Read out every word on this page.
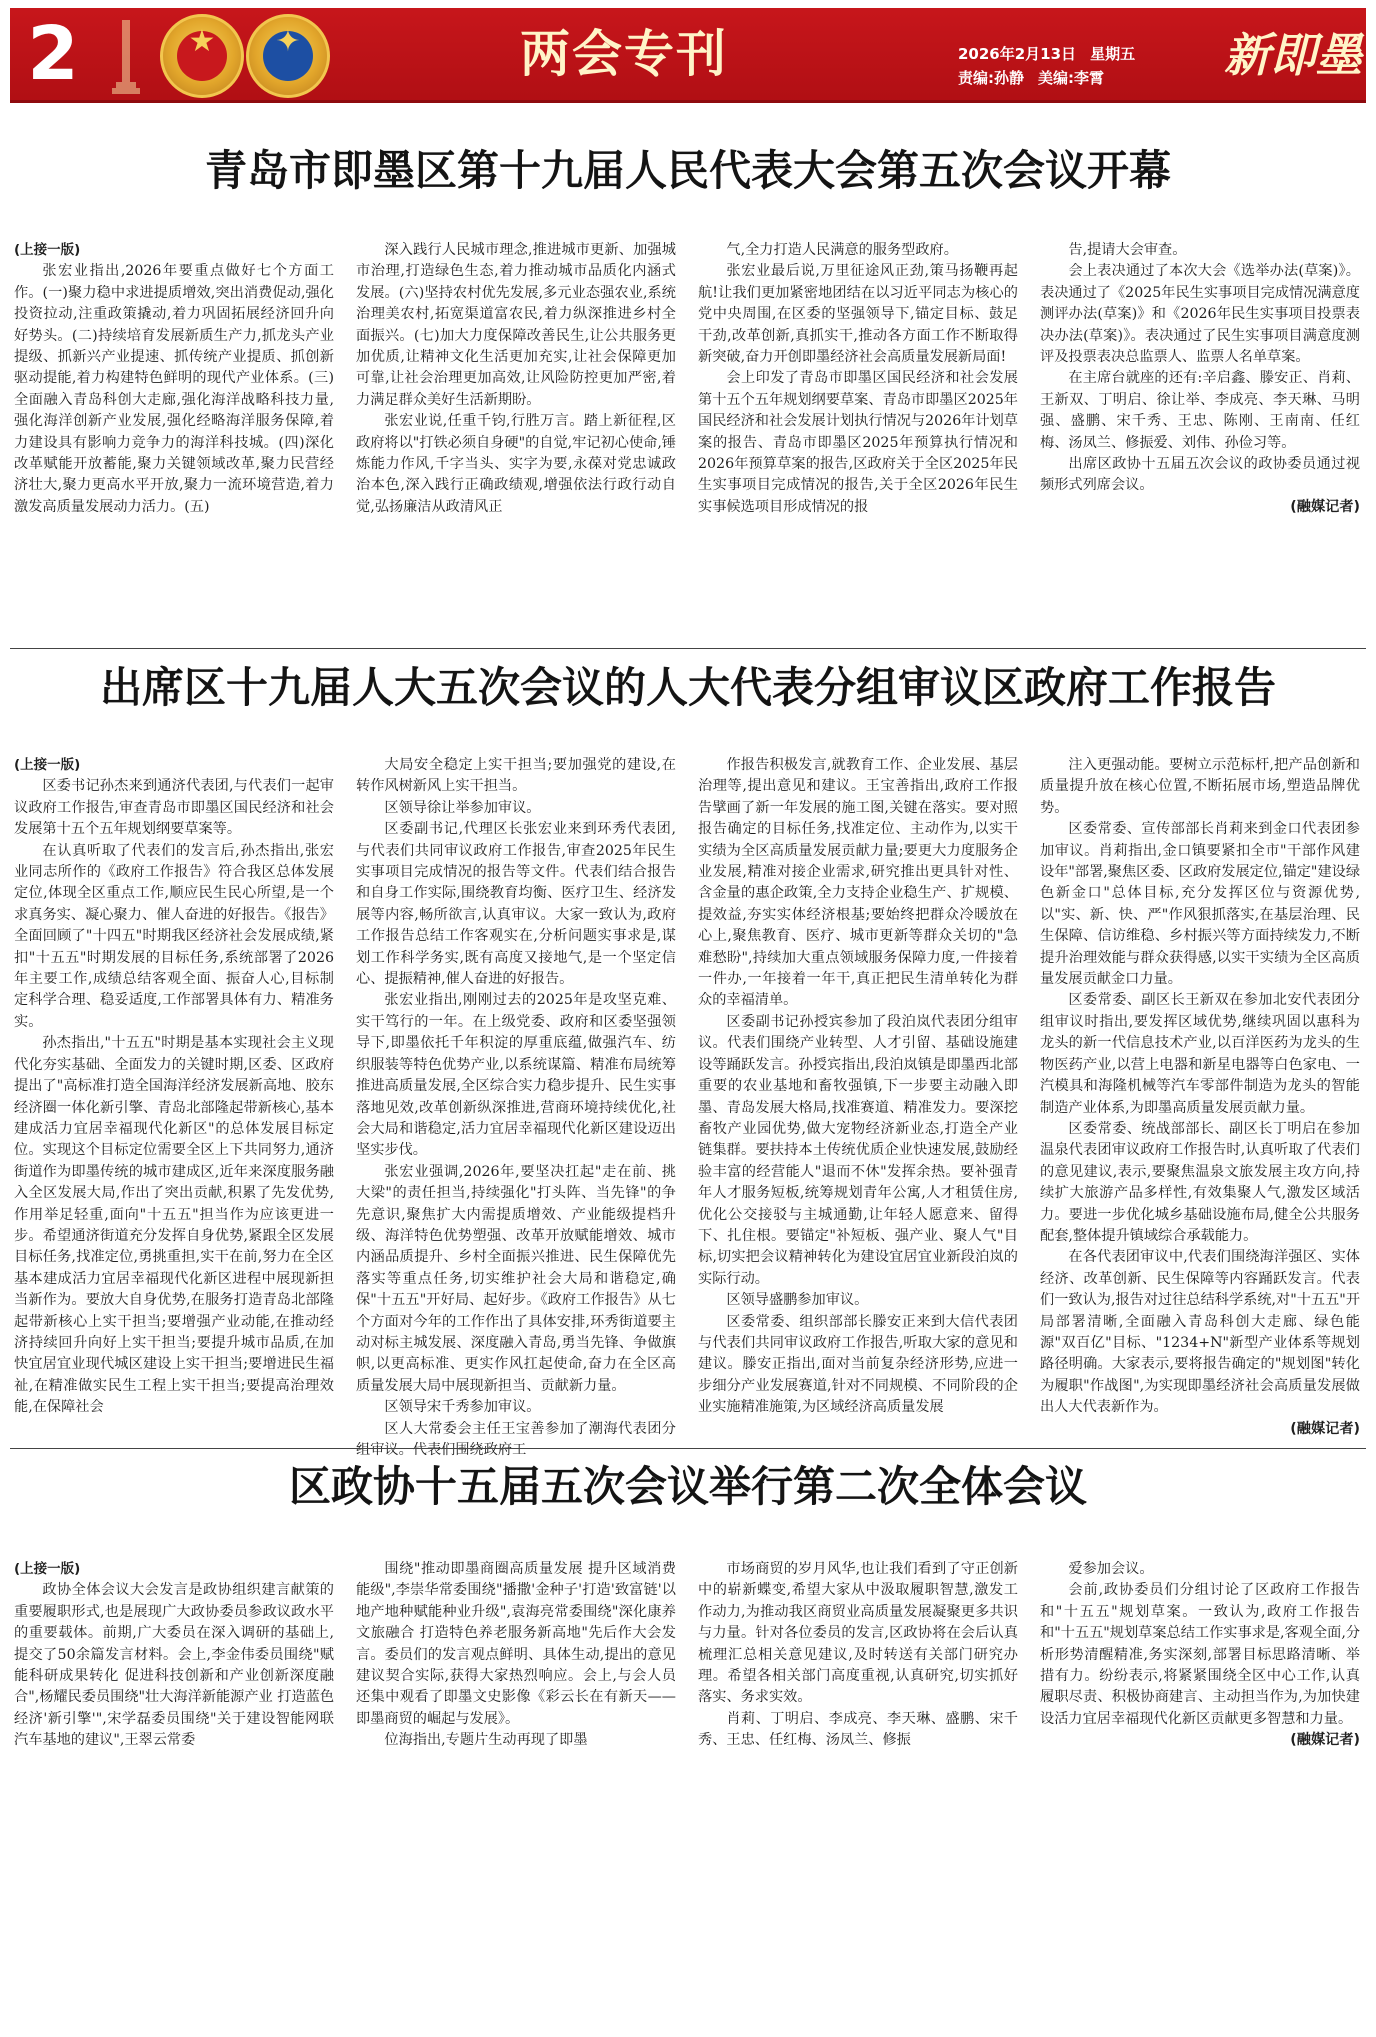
2	★	✦	两会专刊	2026年2月13日 星期五
责编:孙静 美编:李霄	新即墨
青岛市即墨区第十九届人民代表大会第五次会议开幕

(上接一版)

张宏业指出,2026年要重点做好七个方面工作。(一)聚力稳中求进提质增效,突出消费促动,强化投资拉动,注重政策撬动,着力巩固拓展经济回升向好势头。(二)持续培育发展新质生产力,抓龙头产业提级、抓新兴产业提速、抓传统产业提质、抓创新驱动提能,着力构建特色鲜明的现代产业体系。(三)全面融入青岛科创大走廊,强化海洋战略科技力量,强化海洋创新产业发展,强化经略海洋服务保障,着力建设具有影响力竞争力的海洋科技城。(四)深化改革赋能开放蓄能,聚力关键领域改革,聚力民营经济壮大,聚力更高水平开放,聚力一流环境营造,着力激发高质量发展动力活力。(五)

深入践行人民城市理念,推进城市更新、加强城市治理,打造绿色生态,着力推动城市品质化内涵式发展。(六)坚持农村优先发展,多元业态强农业,系统治理美农村,拓宽渠道富农民,着力纵深推进乡村全面振兴。(七)加大力度保障改善民生,让公共服务更加优质,让精神文化生活更加充实,让社会保障更加可靠,让社会治理更加高效,让风险防控更加严密,着力满足群众美好生活新期盼。

张宏业说,任重千钧,行胜万言。踏上新征程,区政府将以"打铁必须自身硬"的自觉,牢记初心使命,锤炼能力作风,千字当头、实字为要,永葆对党忠诚政治本色,深入践行正确政绩观,增强依法行政行动自觉,弘扬廉洁从政清风正

气,全力打造人民满意的服务型政府。

张宏业最后说,万里征途风正劲,策马扬鞭再起航!让我们更加紧密地团结在以习近平同志为核心的党中央周围,在区委的坚强领导下,锚定目标、鼓足干劲,改革创新,真抓实干,推动各方面工作不断取得新突破,奋力开创即墨经济社会高质量发展新局面!

会上印发了青岛市即墨区国民经济和社会发展第十五个五年规划纲要草案、青岛市即墨区2025年国民经济和社会发展计划执行情况与2026年计划草案的报告、青岛市即墨区2025年预算执行情况和2026年预算草案的报告,区政府关于全区2025年民生实事项目完成情况的报告,关于全区2026年民生实事候选项目形成情况的报

告,提请大会审查。

会上表决通过了本次大会《选举办法(草案)》。表决通过了《2025年民生实事项目完成情况满意度测评办法(草案)》和《2026年民生实事项目投票表决办法(草案)》。表决通过了民生实事项目满意度测评及投票表决总监票人、监票人名单草案。

在主席台就座的还有:辛启鑫、滕安正、肖莉、王新双、丁明启、徐让举、李成亮、李天琳、马明强、盛鹏、宋千秀、王忠、陈刚、王南南、任红梅、汤凤兰、修振爱、刘伟、孙俭习等。

出席区政协十五届五次会议的政协委员通过视频形式列席会议。

(融媒记者)

出席区十九届人大五次会议的人大代表分组审议区政府工作报告

(上接一版)

区委书记孙杰来到通济代表团,与代表们一起审议政府工作报告,审查青岛市即墨区国民经济和社会发展第十五个五年规划纲要草案等。

在认真听取了代表们的发言后,孙杰指出,张宏业同志所作的《政府工作报告》符合我区总体发展定位,体现全区重点工作,顺应民生民心所望,是一个求真务实、凝心聚力、催人奋进的好报告。《报告》全面回顾了"十四五"时期我区经济社会发展成绩,紧扣"十五五"时期发展的目标任务,系统部署了2026年主要工作,成绩总结客观全面、振奋人心,目标制定科学合理、稳妥适度,工作部署具体有力、精准务实。

孙杰指出,"十五五"时期是基本实现社会主义现代化夯实基础、全面发力的关键时期,区委、区政府提出了"高标准打造全国海洋经济发展新高地、胶东经济圈一体化新引擎、青岛北部隆起带新核心,基本建成活力宜居幸福现代化新区"的总体发展目标定位。实现这个目标定位需要全区上下共同努力,通济街道作为即墨传统的城市建成区,近年来深度服务融入全区发展大局,作出了突出贡献,积累了先发优势,作用举足轻重,面向"十五五"担当作为应该更进一步。希望通济街道充分发挥自身优势,紧跟全区发展目标任务,找准定位,勇挑重担,实干在前,努力在全区基本建成活力宜居幸福现代化新区进程中展现新担当新作为。要放大自身优势,在服务打造青岛北部隆起带新核心上实干担当;要增强产业动能,在推动经济持续回升向好上实干担当;要提升城市品质,在加快宜居宜业现代城区建设上实干担当;要增进民生福祉,在精准做实民生工程上实干担当;要提高治理效能,在保障社会

大局安全稳定上实干担当;要加强党的建设,在转作风树新风上实干担当。

区领导徐让举参加审议。

区委副书记,代理区长张宏业来到环秀代表团,与代表们共同审议政府工作报告,审查2025年民生实事项目完成情况的报告等文件。代表们结合报告和自身工作实际,围绕教育均衡、医疗卫生、经济发展等内容,畅所欲言,认真审议。大家一致认为,政府工作报告总结工作客观实在,分析问题实事求是,谋划工作科学务实,既有高度又接地气,是一个坚定信心、提振精神,催人奋进的好报告。

张宏业指出,刚刚过去的2025年是攻坚克难、实干笃行的一年。在上级党委、政府和区委坚强领导下,即墨依托千年积淀的厚重底蕴,做强汽车、纺织服装等特色优势产业,以系统谋篇、精准布局统筹推进高质量发展,全区综合实力稳步提升、民生实事落地见效,改革创新纵深推进,营商环境持续优化,社会大局和谐稳定,活力宜居幸福现代化新区建设迈出坚实步伐。

张宏业强调,2026年,要坚决扛起"走在前、挑大梁"的责任担当,持续强化"打头阵、当先锋"的争先意识,聚焦扩大内需提质增效、产业能级提档升级、海洋特色优势塑强、改革开放赋能增效、城市内涵品质提升、乡村全面振兴推进、民生保障优先落实等重点任务,切实维护社会大局和谐稳定,确保"十五五"开好局、起好步。《政府工作报告》从七个方面对今年的工作作出了具体安排,环秀街道要主动对标主城发展、深度融入青岛,勇当先锋、争做旗帜,以更高标准、更实作风扛起使命,奋力在全区高质量发展大局中展现新担当、贡献新力量。

区领导宋千秀参加审议。

区人大常委会主任王宝善参加了潮海代表团分组审议。代表们围绕政府工

作报告积极发言,就教育工作、企业发展、基层治理等,提出意见和建议。王宝善指出,政府工作报告擘画了新一年发展的施工图,关键在落实。要对照报告确定的目标任务,找准定位、主动作为,以实干实绩为全区高质量发展贡献力量;要更大力度服务企业发展,精准对接企业需求,研究推出更具针对性、含金量的惠企政策,全力支持企业稳生产、扩规模、提效益,夯实实体经济根基;要始终把群众冷暖放在心上,聚焦教育、医疗、城市更新等群众关切的"急难愁盼",持续加大重点领域服务保障力度,一件接着一件办,一年接着一年干,真正把民生清单转化为群众的幸福清单。

区委副书记孙授宾参加了段泊岚代表团分组审议。代表们围绕产业转型、人才引留、基础设施建设等踊跃发言。孙授宾指出,段泊岚镇是即墨西北部重要的农业基地和畜牧强镇,下一步要主动融入即墨、青岛发展大格局,找准赛道、精准发力。要深挖畜牧产业园优势,做大宠物经济新业态,打造全产业链集群。要扶持本土传统优质企业快速发展,鼓励经验丰富的经营能人"退而不休"发挥余热。要补强青年人才服务短板,统筹规划青年公寓,人才租赁住房,优化公交接驳与主城通勤,让年轻人愿意来、留得下、扎住根。要锚定"补短板、强产业、聚人气"目标,切实把会议精神转化为建设宜居宜业新段泊岚的实际行动。

区领导盛鹏参加审议。

区委常委、组织部部长滕安正来到大信代表团与代表们共同审议政府工作报告,听取大家的意见和建议。滕安正指出,面对当前复杂经济形势,应进一步细分产业发展赛道,针对不同规模、不同阶段的企业实施精准施策,为区域经济高质量发展

注入更强动能。要树立示范标杆,把产品创新和质量提升放在核心位置,不断拓展市场,塑造品牌优势。

区委常委、宣传部部长肖莉来到金口代表团参加审议。肖莉指出,金口镇要紧扣全市"干部作风建设年"部署,聚焦区委、区政府发展定位,锚定"建设绿色新金口"总体目标,充分发挥区位与资源优势,以"实、新、快、严"作风狠抓落实,在基层治理、民生保障、信访维稳、乡村振兴等方面持续发力,不断提升治理效能与群众获得感,以实干实绩为全区高质量发展贡献金口力量。

区委常委、副区长王新双在参加北安代表团分组审议时指出,要发挥区域优势,继续巩固以惠科为龙头的新一代信息技术产业,以百洋医药为龙头的生物医药产业,以营上电器和新星电器等白色家电、一汽模具和海隆机械等汽车零部件制造为龙头的智能制造产业体系,为即墨高质量发展贡献力量。

区委常委、统战部部长、副区长丁明启在参加温泉代表团审议政府工作报告时,认真听取了代表们的意见建议,表示,要聚焦温泉文旅发展主攻方向,持续扩大旅游产品多样性,有效集聚人气,激发区域活力。要进一步优化城乡基础设施布局,健全公共服务配套,整体提升镇域综合承载能力。

在各代表团审议中,代表们围绕海洋强区、实体经济、改革创新、民生保障等内容踊跃发言。代表们一致认为,报告对过往总结科学系统,对"十五五"开局部署清晰,全面融入青岛科创大走廊、绿色能源"双百亿"目标、"1234+N"新型产业体系等规划路径明确。大家表示,要将报告确定的"规划图"转化为履职"作战图",为实现即墨经济社会高质量发展做出人大代表新作为。

(融媒记者)

区政协十五届五次会议举行第二次全体会议

(上接一版)

政协全体会议大会发言是政协组织建言献策的重要履职形式,也是展现广大政协委员参政议政水平的重要载体。前期,广大委员在深入调研的基础上,提交了50余篇发言材料。会上,李金伟委员围绕"赋能科研成果转化 促进科技创新和产业创新深度融合",杨耀民委员围绕"壮大海洋新能源产业 打造蓝色经济'新引擎'",宋学磊委员围绕"关于建设智能网联汽车基地的建议",王翠云常委

围绕"推动即墨商圈高质量发展 提升区域消费能级",李崇华常委围绕"播撒'金种子'打造'致富链'以地产地种赋能种业升级",袁海亮常委围绕"深化康养文旅融合 打造特色养老服务新高地"先后作大会发言。委员们的发言观点鲜明、具体生动,提出的意见建议契合实际,获得大家热烈响应。会上,与会人员还集中观看了即墨文史影像《彩云长在有新天——即墨商贸的崛起与发展》。

位海指出,专题片生动再现了即墨

市场商贸的岁月风华,也让我们看到了守正创新中的崭新蝶变,希望大家从中汲取履职智慧,激发工作动力,为推动我区商贸业高质量发展凝聚更多共识与力量。针对各位委员的发言,区政协将在会后认真梳理汇总相关意见建议,及时转送有关部门研究办理。希望各相关部门高度重视,认真研究,切实抓好落实、务求实效。

肖莉、丁明启、李成亮、李天琳、盛鹏、宋千秀、王忠、任红梅、汤凤兰、修振

爱参加会议。

会前,政协委员们分组讨论了区政府工作报告和"十五五"规划草案。一致认为,政府工作报告和"十五五"规划草案总结工作实事求是,客观全面,分析形势清醒精准,务实深刻,部署目标思路清晰、举措有力。纷纷表示,将紧紧围绕全区中心工作,认真履职尽责、积极协商建言、主动担当作为,为加快建设活力宜居幸福现代化新区贡献更多智慧和力量。

(融媒记者)
